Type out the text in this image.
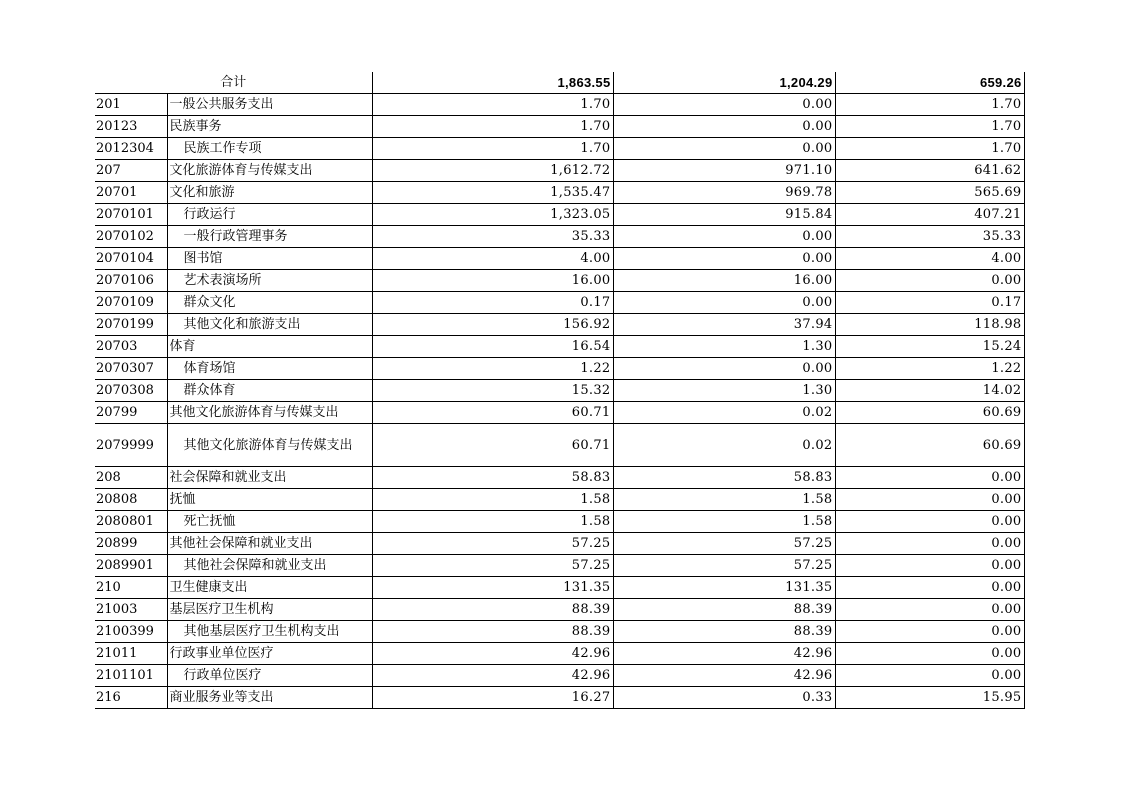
合计		1,863.55	1,204.29	659.26
201	一般公共服务支出	1.70	0.00	1.70
20123	民族事务	1.70	0.00	1.70
2012304	民族工作专项	1.70	0.00	1.70
207	文化旅游体育与传媒支出	1,612.72	971.10	641.62
20701	文化和旅游	1,535.47	969.78	565.69
2070101	行政运行	1,323.05	915.84	407.21
2070102	一般行政管理事务	35.33	0.00	35.33
2070104	图书馆	4.00	0.00	4.00
2070106	艺术表演场所	16.00	16.00	0.00
2070109	群众文化	0.17	0.00	0.17
2070199	其他文化和旅游支出	156.92	37.94	118.98
20703	体育	16.54	1.30	15.24
2070307	体育场馆	1.22	0.00	1.22
2070308	群众体育	15.32	1.30	14.02
20799	其他文化旅游体育与传媒支出	60.71	0.02	60.69
2079999	其他文化旅游体育与传媒支出	60.71	0.02	60.69
208	社会保障和就业支出	58.83	58.83	0.00
20808	抚恤	1.58	1.58	0.00
2080801	死亡抚恤	1.58	1.58	0.00
20899	其他社会保障和就业支出	57.25	57.25	0.00
2089901	其他社会保障和就业支出	57.25	57.25	0.00
210	卫生健康支出	131.35	131.35	0.00
21003	基层医疗卫生机构	88.39	88.39	0.00
2100399	其他基层医疗卫生机构支出	88.39	88.39	0.00
21011	行政事业单位医疗	42.96	42.96	0.00
2101101	行政单位医疗	42.96	42.96	0.00
216	商业服务业等支出	16.27	0.33	15.95
